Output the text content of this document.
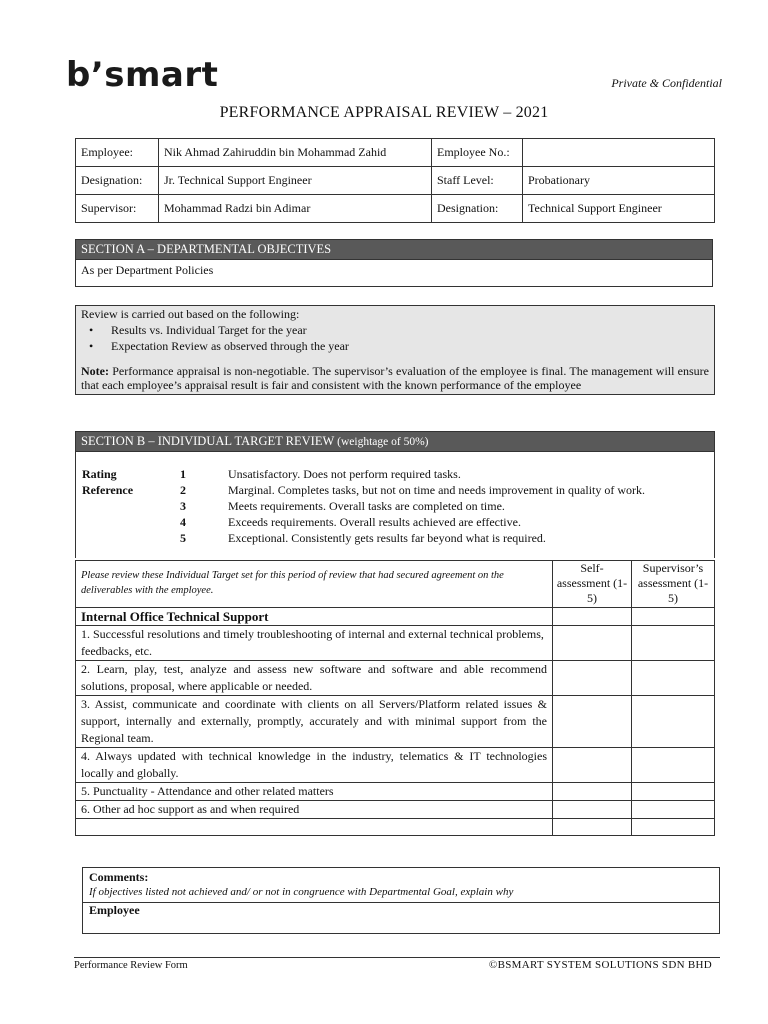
b’smart	Private & Confidential
PERFORMANCE APPRAISAL REVIEW – 2021
Employee:	Nik Ahmad Zahiruddin bin Mohammad Zahid	Employee No.:	
Designation:	Jr. Technical Support Engineer	Staff Level:	Probationary
Supervisor:	Mohammad Radzi bin Adimar	Designation:	Technical Support Engineer
SECTION A – DEPARTMENTAL OBJECTIVES
As per Department Policies
Review is carried out based on the following:
• Results vs. Individual Target for the year
• Expectation Review as observed through the year
Note: Performance appraisal is non-negotiable. The supervisor’s evaluation of the employee is final. The management will ensure that each employee’s appraisal result is fair and consistent with the known performance of the employee
SECTION B – INDIVIDUAL TARGET REVIEW (weightage of 50%)
Rating	1	Unsatisfactory. Does not perform required tasks.
Reference	2	Marginal. Completes tasks, but not on time and needs improvement in quality of work.
3	Meets requirements. Overall tasks are completed on time.
4	Exceeds requirements. Overall results achieved are effective.
5	Exceptional. Consistently gets results far beyond what is required.
Please review these Individual Target set for this period of review that had secured agreement on the deliverables with the employee.	Self-assessment (1-5)	Supervisor’s assessment (1-5)
Internal Office Technical Support		
1. Successful resolutions and timely troubleshooting of internal and external technical problems, feedbacks, etc.		
2. Learn, play, test, analyze and assess new software and software and able recommend solutions, proposal, where applicable or needed.		
3. Assist, communicate and coordinate with clients on all Servers/Platform related issues & support, internally and externally, promptly, accurately and with minimal support from the Regional team.		
4. Always updated with technical knowledge in the industry, telematics & IT technologies locally and globally.		
5. Punctuality - Attendance and other related matters		
6. Other ad hoc support as and when required		

Comments:
If objectives listed not achieved and/ or not in congruence with Departmental Goal, explain why
Employee
Performance Review Form	©BSMART SYSTEM SOLUTIONS SDN BHD
